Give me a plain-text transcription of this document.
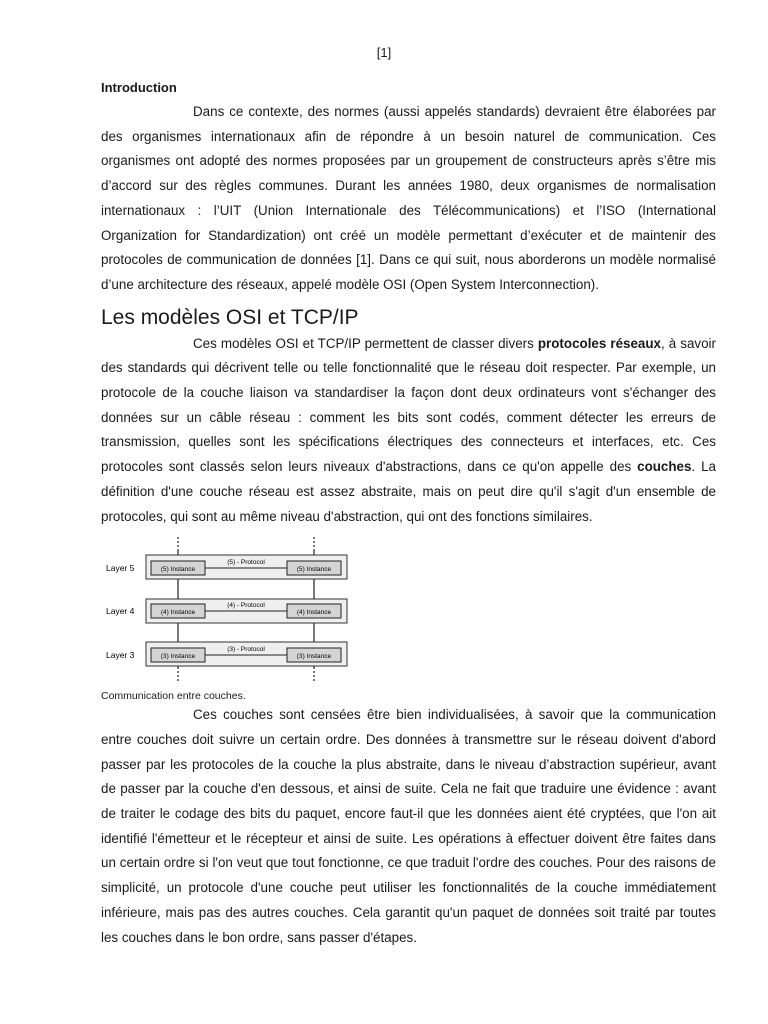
[1]
Introduction

Dans ce contexte, des normes (aussi appelés standards) devraient être élaborées par des organismes internationaux afin de répondre à un besoin naturel de communication. Ces organismes ont adopté des normes proposées par un groupement de constructeurs après s’être mis d’accord sur des règles communes. Durant les années 1980, deux organismes de normalisation internationaux : l’UIT (Union Internationale des Télécommunications) et l’ISO (International Organization for Standardization) ont créé un modèle permettant d’exécuter et de maintenir des protocoles de communication de données [1]. Dans ce qui suit, nous aborderons un modèle normalisé d’une architecture des réseaux, appelé modèle OSI (Open System Interconnection).

Les modèles OSI et TCP/IP

Ces modèles OSI et TCP/IP permettent de classer divers protocoles réseaux, à savoir des standards qui décrivent telle ou telle fonctionnalité que le réseau doit respecter. Par exemple, un protocole de la couche liaison va standardiser la façon dont deux ordinateurs vont s'échanger des données sur un câble réseau : comment les bits sont codés, comment détecter les erreurs de transmission, quelles sont les spécifications électriques des connecteurs et interfaces, etc. Ces protocoles sont classés selon leurs niveaux d'abstractions, dans ce qu'on appelle des couches. La définition d'une couche réseau est assez abstraite, mais on peut dire qu'il s'agit d'un ensemble de protocoles, qui sont au même niveau d'abstraction, qui ont des fonctions similaires.

Layer 5	(5) Instance
(5) - Protocol
(5) Instance
Layer 4	(4) Instance
(4) - Protocol
(4) Instance
Layer 3	(3) Instance
(3) - Protocol
(3) Instance
Communication entre couches.

Ces couches sont censées être bien individualisées, à savoir que la communication entre couches doit suivre un certain ordre. Des données à transmettre sur le réseau doivent d'abord passer par les protocoles de la couche la plus abstraite, dans le niveau d’abstraction supérieur, avant de passer par la couche d'en dessous, et ainsi de suite. Cela ne fait que traduire une évidence : avant de traiter le codage des bits du paquet, encore faut-il que les données aient été cryptées, que l'on ait identifié l'émetteur et le récepteur et ainsi de suite. Les opérations à effectuer doivent être faites dans un certain ordre si l'on veut que tout fonctionne, ce que traduit l'ordre des couches. Pour des raisons de simplicité, un protocole d'une couche peut utiliser les fonctionnalités de la couche immédiatement inférieure, mais pas des autres couches. Cela garantit qu'un paquet de données soit traité par toutes les couches dans le bon ordre, sans passer d'étapes.
